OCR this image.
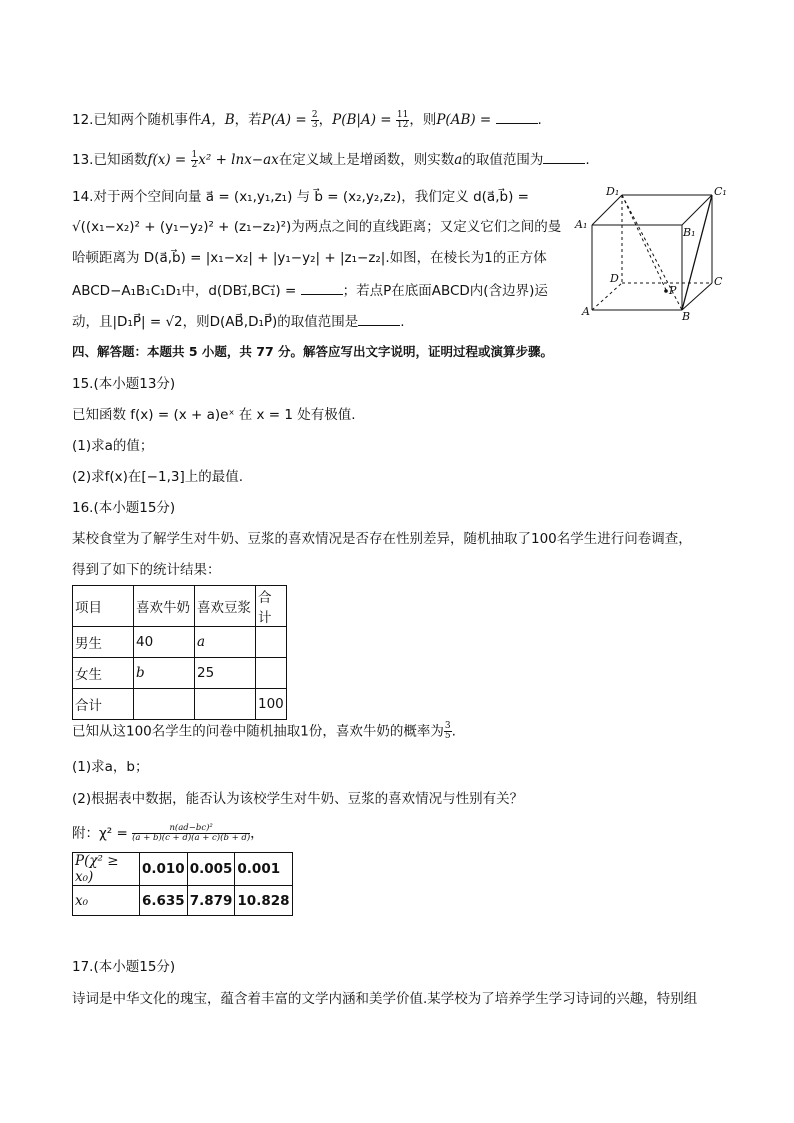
12.已知两个随机事件A，B，若$P(A) = \frac{2}{3}$ ，$P(B|A) = \frac{11}{12}$ ，则P(AB) =	.
13.已知函数$f(x) = \frac{1}{2} x^2 + \ln x-ax$在定义域上是增函数，则实数a的取值范围为	.
14.对于两个空间向量 a⃗ = (x₁,y₁,z₁) 与 b⃗ = (x₂,y₂,z₂)，我们定义 d(a⃗,b⃗) =
√((x₁−x₂)² + (y₁−y₂)² + (z₁−z₂)²)为两点之间的直线距离；又定义它们之间的曼
哈顿距离为 D(a⃗,b⃗) = |x₁−x₂| + |y₁−y₂| + |z₁−z₂|.如图，在棱长为1的正方体
ABCD−A₁B₁C₁D₁中，d(DB₁⃗,BC₁⃗) =	；若点P在底面ABCD内(含边界)运
动，且|D₁P⃗| = √2，则D(AB⃗,D₁P⃗)的取值范围是	.
D₁	C₁
A₁
B₁
D	C
P
A	B
四、解答题：本题共 5 小题，共 77 分。解答应写出文字说明，证明过程或演算步骤。
15.(本小题13分)
已知函数 f(x) = (x + a)eˣ 在 x = 1 处有极值.
(1)求a的值；
(2)求f(x)在[−1,3]上的最值.
16.(本小题15分)
某校食堂为了解学生对牛奶、豆浆的喜欢情况是否存在性别差异，随机抽取了100名学生进行问卷调查，
得到了如下的统计结果：
项目	喜欢牛奶	喜欢豆浆	合计
男生	40	a	
女生	b	25	
合计			100
已知从这100名学生的问卷中随机抽取1份，喜欢牛奶的概率为 $\frac{3}{5}$ .
(1)求a，b；
(2)根据表中数据，能否认为该校学生对牛奶、豆浆的喜欢情况与性别有关？
附：$\chi^2 = \frac{\text{n(ad−bc)²}}{(a + b)(c + d)(a + c)(b + d)}$ ，
P(χ² ≥ x₀)	0.010	0.005	0.001
x₀	6.635	7.879	10.828
17.(本小题15分)
诗词是中华文化的瑰宝，蕴含着丰富的文学内涵和美学价值.某学校为了培养学生学习诗词的兴趣，特别组
